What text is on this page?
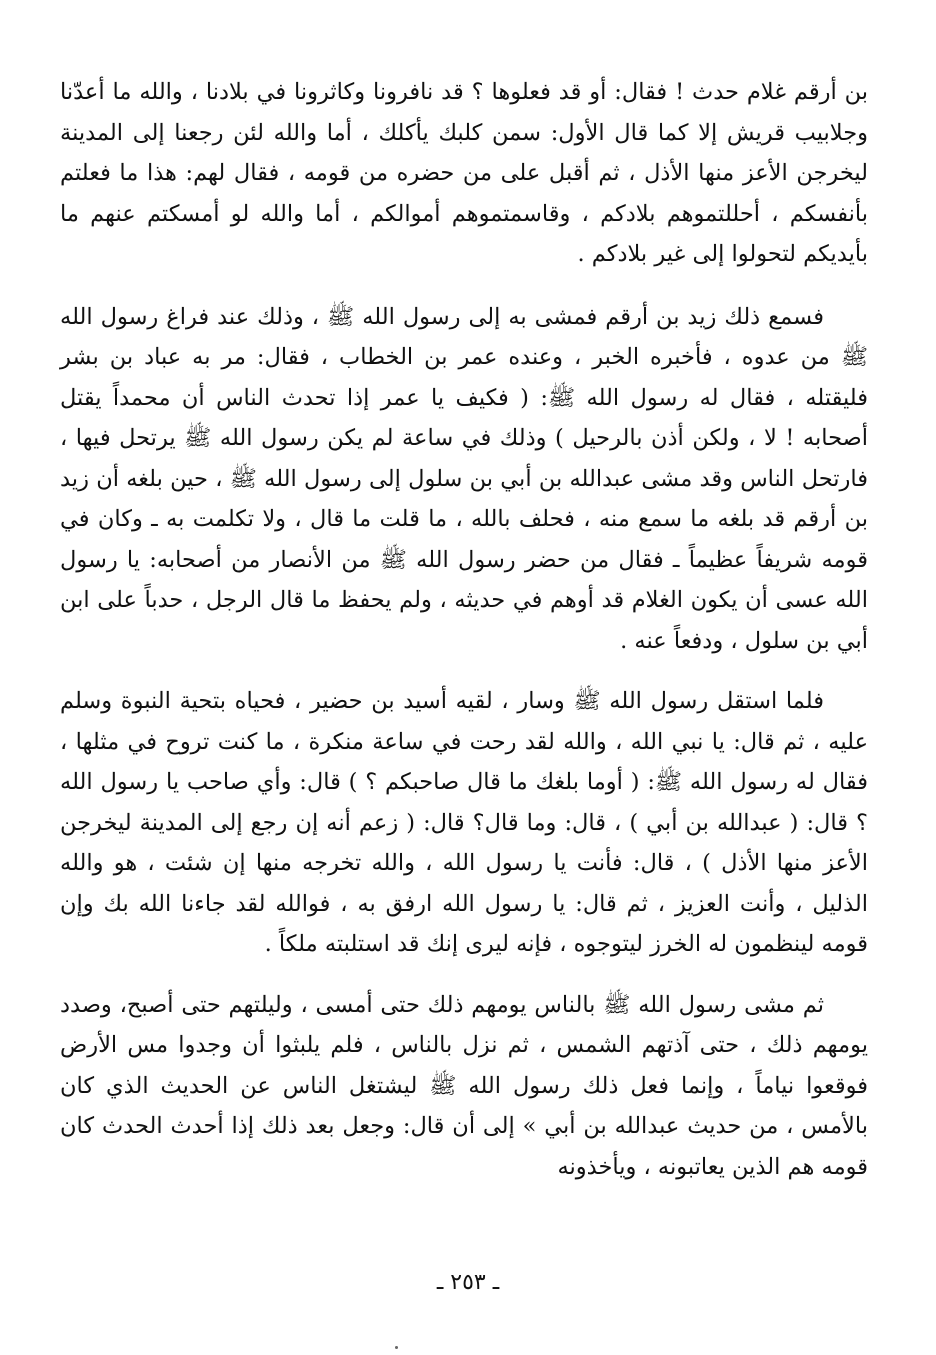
بن أرقم غلام حدث ! فقال: أو قد فعلوها ؟ قد نافرونا وكاثرونا في بلادنا ، والله ما أعدّنا وجلابيب قريش إلا كما قال الأول: سمن كلبك يأكلك ، أما والله لئن رجعنا إلى المدينة ليخرجن الأعز منها الأذل ، ثم أقبل على من حضره من قومه ، فقال لهم: هذا ما فعلتم بأنفسكم ، أحللتموهم بلادكم ، وقاسمتموهم أموالكم ، أما والله لو أمسكتم عنهم ما بأيديكم لتحولوا إلى غير بلادكم .

فسمع ذلك زيد بن أرقم فمشى به إلى رسول الله ﷺ ، وذلك عند فراغ رسول الله ﷺ من عدوه ، فأخبره الخبر ، وعنده عمر بن الخطاب ، فقال: مر به عباد بن بشر فليقتله ، فقال له رسول الله ﷺ: ( فكيف يا عمر إذا تحدث الناس أن محمداً يقتل أصحابه ! لا ، ولكن أذن بالرحيل ) وذلك في ساعة لم يكن رسول الله ﷺ يرتحل فيها ، فارتحل الناس وقد مشى عبدالله بن أبي بن سلول إلى رسول الله ﷺ ، حين بلغه أن زيد بن أرقم قد بلغه ما سمع منه ، فحلف بالله ، ما قلت ما قال ، ولا تكلمت به ـ وكان في قومه شريفاً عظيماً ـ فقال من حضر رسول الله ﷺ من الأنصار من أصحابه: يا رسول الله عسى أن يكون الغلام قد أوهم في حديثه ، ولم يحفظ ما قال الرجل ، حدباً على ابن أبي بن سلول ، ودفعاً عنه .

فلما استقل رسول الله ﷺ وسار ، لقيه أسيد بن حضير ، فحياه بتحية النبوة وسلم عليه ، ثم قال: يا نبي الله ، والله لقد رحت في ساعة منكرة ، ما كنت تروح في مثلها ، فقال له رسول الله ﷺ: ( أوما بلغك ما قال صاحبكم ؟ ) قال: وأي صاحب يا رسول الله ؟ قال: ( عبدالله بن أبي ) ، قال: وما قال؟ قال: ( زعم أنه إن رجع إلى المدينة ليخرجن الأعز منها الأذل ) ، قال: فأنت يا رسول الله ، والله تخرجه منها إن شئت ، هو والله الذليل ، وأنت العزيز ، ثم قال: يا رسول الله ارفق به ، فوالله لقد جاءنا الله بك وإن قومه لينظمون له الخرز ليتوجوه ، فإنه ليرى إنك قد استلبته ملكاً .

ثم مشى رسول الله ﷺ بالناس يومهم ذلك حتى أمسى ، وليلتهم حتى أصبح، وصدد يومهم ذلك ، حتى آذتهم الشمس ، ثم نزل بالناس ، فلم يلبثوا أن وجدوا مس الأرض فوقعوا نياماً ، وإنما فعل ذلك رسول الله ﷺ ليشتغل الناس عن الحديث الذي كان بالأمس ، من حديث عبدالله بن أبي » إلى أن قال: وجعل بعد ذلك إذا أحدث الحدث كان قومه هم الذين يعاتبونه ، ويأخذونه

ـ ٢٥٣ ـ
